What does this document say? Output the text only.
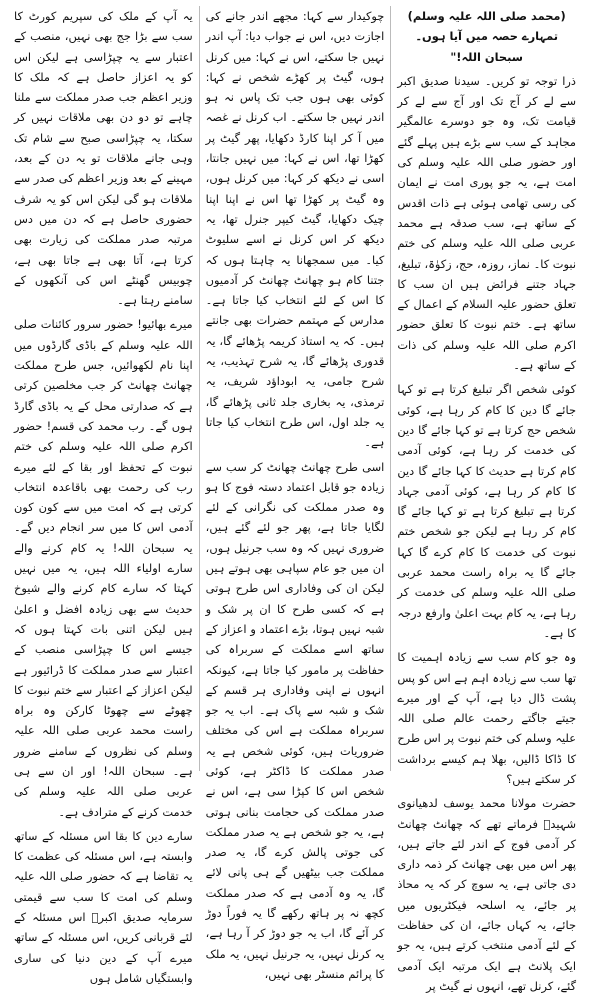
(محمد صلی اللہ علیہ وسلم) تمہارے حصہ میں آیا ہوں۔ سبحان اللہ!"

ذرا توجہ تو کریں۔ سیدنا صدیق اکبر سے لے کر آج تک اور آج سے لے کر قیامت تک، وہ جو دوسرے عالمگیر مجاہد کے سب سے بڑے ہیں پہلے گئے اور حضور صلی اللہ علیہ وسلم کی امت ہے، یہ جو پوری امت نے ایمان کی رسی تھامی ہوئی ہے ذات اقدس کے ساتھ ہے، سب صدقہ ہے محمد عربی صلی اللہ علیہ وسلم کی ختم نبوت کا۔ نماز، روزہ، حج، زکوٰۃ، تبلیغ، جہاد جتنے فرائض ہیں ان سب کا تعلق حضور علیہ السلام کے اعمال کے ساتھ ہے۔ ختم نبوت کا تعلق حضور اکرم صلی اللہ علیہ وسلم کی ذات کے ساتھ ہے۔

کوئی شخص اگر تبلیغ کرتا ہے تو کہا جائے گا دین کا کام کر رہا ہے، کوئی شخص حج کرتا ہے تو کہا جائے گا دین کی خدمت کر رہا ہے، کوئی آدمی کام کرتا ہے حدیث کا کہا جائے گا دین کا کام کر رہا ہے، کوئی آدمی جہاد کرتا ہے تبلیغ کرتا ہے تو کہا جائے گا کام کر رہا ہے لیکن جو شخص ختم نبوت کی خدمت کا کام کرے گا کہا جائے گا یہ براہ راست محمد عربی صلی اللہ علیہ وسلم کی خدمت کر رہا ہے، یہ کام بہت اعلیٰ وارفع درجہ کا ہے۔

وہ جو کام سب سے زیادہ اہمیت کا تھا سب سے زیادہ اہم ہے اس کو پس پشت ڈال دیا ہے، آپ کے اور میرے جیتے جاگتے رحمت عالم صلی اللہ علیہ وسلم کی ختم نبوت پر اس طرح کا ڈاکا ڈالیں، بھلا ہم کیسے برداشت کر سکتے ہیں؟

حضرت مولانا محمد یوسف لدھیانوی شہیدؒ فرماتے تھے کہ چھانٹ چھانٹ کر آدمی فوج کے اندر لئے جاتے ہیں، پھر اس میں بھی چھانٹ کر ذمہ داری دی جاتی ہے، یہ سوچ کر کہ یہ محاذ پر جائے، یہ اسلحہ فیکٹریوں میں جائے، یہ کہاں جائے، ان کی حفاظت کے لئے آدمی منتخب کرتے ہیں، یہ جو ایک پلانٹ ہے ایک مرتبہ ایک آدمی گئے، کرنل تھے، انہوں نے گیٹ پر

چوکیدار سے کہا: مجھے اندر جانے کی اجازت دیں، اس نے جواب دیا: آپ اندر نہیں جا سکتے، اس نے کہا: میں کرنل ہوں، گیٹ پر کھڑے شخص نے کہا: کوئی بھی ہوں جب تک پاس نہ ہو اندر نہیں جا سکتے۔ اب کرنل نے غصہ میں آ کر اپنا کارڈ دکھایا، پھر گیٹ پر کھڑا تھا، اس نے کہا: میں نہیں جانتا، اسی نے دیکھ کر کہا: میں کرنل ہوں، وہ گیٹ پر کھڑا تھا اس نے اپنا اپنا چیک دکھایا، گیٹ کیپر جنرل تھا، یہ دیکھ کر اس کرنل نے اسے سلیوٹ کیا۔ میں سمجھانا یہ چاہتا ہوں کہ جتنا کام ہو چھانٹ چھانٹ کر آدمیوں کا اس کے لئے انتخاب کیا جاتا ہے۔ مدارس کے مہتمم حضرات بھی جانتے ہیں۔ کہ یہ استاذ کریمہ پڑھائے گا، یہ قدوری پڑھائے گا، یہ شرح تہذیب، یہ شرح جامی، یہ ابوداؤد شریف، یہ ترمذی، یہ بخاری جلد ثانی پڑھائے گا، یہ جلد اول، اس طرح انتخاب کیا جاتا ہے۔

اسی طرح چھانٹ چھانٹ کر سب سے زیادہ جو قابل اعتماد دستہ فوج کا ہو وہ صدر مملکت کی نگرانی کے لئے لگایا جاتا ہے، پھر جو لئے گئے ہیں، ضروری نہیں کہ وہ سب جرنیل ہوں، ان میں جو عام سپاہی بھی ہوتے ہیں لیکن ان کی وفاداری اس طرح ہوتی ہے کہ کسی طرح کا ان پر شک و شبہ نہیں ہوتا، بڑے اعتماد و اعزاز کے ساتھ اسے مملکت کے سربراہ کی حفاظت پر مامور کیا جاتا ہے، کیونکہ انہوں نے اپنی وفاداری ہر قسم کے شک و شبہ سے پاک ہے۔ اب یہ جو سربراہ مملکت ہے اس کی مختلف ضروریات ہیں، کوئی شخص ہے یہ صدر مملکت کا ڈاکٹر ہے، کوئی شخص اس کا کپڑا سی ہے، اس نے صدر مملکت کی حجامت بنانی ہوتی ہے، یہ جو شخص ہے یہ صدر مملکت کی جوتی پالش کرے گا، یہ صدر مملکت جب بیٹھیں گے ہی پانی لائے گا، یہ وہ آدمی ہے کہ صدر مملکت کچھ نہ پر ہاتھ رکھے گا یہ فوراً دوڑ کر آئے گا، اب یہ جو دوڑ کر آ رہا ہے، یہ کرنل نہیں، یہ جرنیل نہیں، یہ ملک کا پرائم منسٹر بھی نہیں،

یہ آپ کے ملک کی سپریم کورٹ کا سب سے بڑا جج بھی نہیں، منصب کے اعتبار سے یہ چپڑاسی ہے لیکن اس کو یہ اعزاز حاصل ہے کہ ملک کا وزیر اعظم جب صدر مملکت سے ملنا چاہے تو دو دن بھی ملاقات نہیں کر سکتا، یہ چپڑاسی صبح سے شام تک وہی جانے ملاقات تو یہ دن کے بعد، مہینے کے بعد وزیر اعظم کی صدر سے ملاقات ہو گی لیکن اس کو یہ شرف حضوری حاصل ہے کہ دن میں دس مرتبہ صدر مملکت کی زیارت بھی کرتا ہے، آتا بھی ہے جاتا بھی ہے، چوبیس گھنٹے اس کی آنکھوں کے سامنے رہتا ہے۔

میرے بھائیو! حضور سرور کائنات صلی اللہ علیہ وسلم کے باڈی گارڈوں میں اپنا نام لکھوائیں، جس طرح مملکت چھانٹ چھانٹ کر جب مخلصین کرتی ہے کہ صدارتی محل کے یہ باڈی گارڈ ہوں گے۔ رب محمد کی قسم! حضور اکرم صلی اللہ علیہ وسلم کی ختم نبوت کے تحفظ اور بقا کے لئے میرے رب کی رحمت بھی باقاعدہ انتخاب کرتی ہے کہ امت میں سے کون کون آدمی اس کا میں سر انجام دیں گے۔ یہ سبحان اللہ! یہ کام کرنے والے سارے اولیاء اللہ ہیں، یہ میں نہیں کہتا کہ سارے کام کرنے والے شیوخ حدیث سے بھی زیادہ افضل و اعلیٰ ہیں لیکن اتنی بات کہتا ہوں کہ جیسے اس کا چپڑاسی منصب کے اعتبار سے صدر مملکت کا ڈرائیور ہے لیکن اعزاز کے اعتبار سے ختم نبوت کا چھوٹے سے چھوٹا کارکن وہ براہ راست محمد عربی صلی اللہ علیہ وسلم کی نظروں کے سامنے ضرور ہے۔ سبحان اللہ! اور ان سے ہی عربی صلی اللہ علیہ وسلم کی خدمت کرنے کے مترادف ہے۔

سارے دین کا بقا اس مسئلہ کے ساتھ وابستہ ہے، اس مسئلہ کی عظمت کا یہ تقاضا ہے کہ حضور صلی اللہ علیہ وسلم کی امت کا سب سے قیمتی سرمایہ صدیق اکبرؓ اس مسئلہ کے لئے قربانی کریں، اس مسئلہ کے ساتھ میرے آپ کے دین دنیا کی ساری وابستگیاں شامل ہوں
